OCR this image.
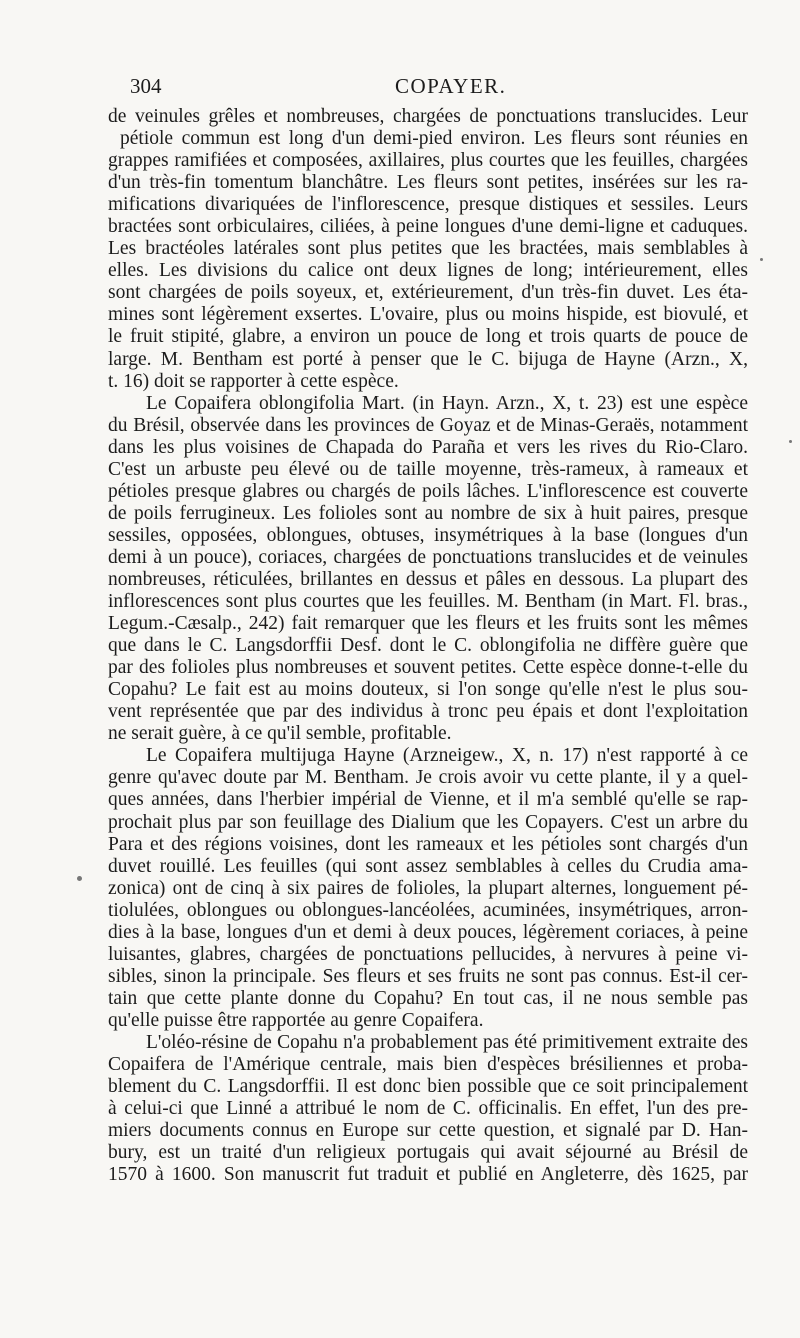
304	COPAYER.
de veinules grêles et nombreuses, chargées de ponctuations translucides. Leur
pétiole commun est long d'un demi-pied environ. Les fleurs sont réunies en
grappes ramifiées et composées, axillaires, plus courtes que les feuilles, chargées
d'un très-fin tomentum blanchâtre. Les fleurs sont petites, insérées sur les ra-
mifications divariquées de l'inflorescence, presque distiques et sessiles. Leurs
bractées sont orbiculaires, ciliées, à peine longues d'une demi-ligne et caduques.
Les bractéoles latérales sont plus petites que les bractées, mais semblables à
elles. Les divisions du calice ont deux lignes de long; intérieurement, elles
sont chargées de poils soyeux, et, extérieurement, d'un très-fin duvet. Les éta-
mines sont légèrement exsertes. L'ovaire, plus ou moins hispide, est biovulé, et
le fruit stipité, glabre, a environ un pouce de long et trois quarts de pouce de
large. M. Bentham est porté à penser que le C. bijuga de Hayne (Arzn., X,
t. 16) doit se rapporter à cette espèce.
Le Copaifera oblongifolia Mart. (in Hayn. Arzn., X, t. 23) est une espèce
du Brésil, observée dans les provinces de Goyaz et de Minas-Geraës, notamment
dans les plus voisines de Chapada do Paraña et vers les rives du Rio-Claro.
C'est un arbuste peu élevé ou de taille moyenne, très-rameux, à rameaux et
pétioles presque glabres ou chargés de poils lâches. L'inflorescence est couverte
de poils ferrugineux. Les folioles sont au nombre de six à huit paires, presque
sessiles, opposées, oblongues, obtuses, insymétriques à la base (longues d'un
demi à un pouce), coriaces, chargées de ponctuations translucides et de veinules
nombreuses, réticulées, brillantes en dessus et pâles en dessous. La plupart des
inflorescences sont plus courtes que les feuilles. M. Bentham (in Mart. Fl. bras.,
Legum.-Cæsalp., 242) fait remarquer que les fleurs et les fruits sont les mêmes
que dans le C. Langsdorffii Desf. dont le C. oblongifolia ne diffère guère que
par des folioles plus nombreuses et souvent petites. Cette espèce donne-t-elle du
Copahu? Le fait est au moins douteux, si l'on songe qu'elle n'est le plus sou-
vent représentée que par des individus à tronc peu épais et dont l'exploitation
ne serait guère, à ce qu'il semble, profitable.
Le Copaifera multijuga Hayne (Arzneigew., X, n. 17) n'est rapporté à ce
genre qu'avec doute par M. Bentham. Je crois avoir vu cette plante, il y a quel-
ques années, dans l'herbier impérial de Vienne, et il m'a semblé qu'elle se rap-
prochait plus par son feuillage des Dialium que les Copayers. C'est un arbre du
Para et des régions voisines, dont les rameaux et les pétioles sont chargés d'un
duvet rouillé. Les feuilles (qui sont assez semblables à celles du Crudia ama-
zonica) ont de cinq à six paires de folioles, la plupart alternes, longuement pé-
tiolulées, oblongues ou oblongues-lancéolées, acuminées, insymétriques, arron-
dies à la base, longues d'un et demi à deux pouces, légèrement coriaces, à peine
luisantes, glabres, chargées de ponctuations pellucides, à nervures à peine vi-
sibles, sinon la principale. Ses fleurs et ses fruits ne sont pas connus. Est-il cer-
tain que cette plante donne du Copahu? En tout cas, il ne nous semble pas
qu'elle puisse être rapportée au genre Copaifera.
L'oléo-résine de Copahu n'a probablement pas été primitivement extraite des
Copaifera de l'Amérique centrale, mais bien d'espèces brésiliennes et proba-
blement du C. Langsdorffii. Il est donc bien possible que ce soit principalement
à celui-ci que Linné a attribué le nom de C. officinalis. En effet, l'un des pre-
miers documents connus en Europe sur cette question, et signalé par D. Han-
bury, est un traité d'un religieux portugais qui avait séjourné au Brésil de
1570 à 1600. Son manuscrit fut traduit et publié en Angleterre, dès 1625, par
